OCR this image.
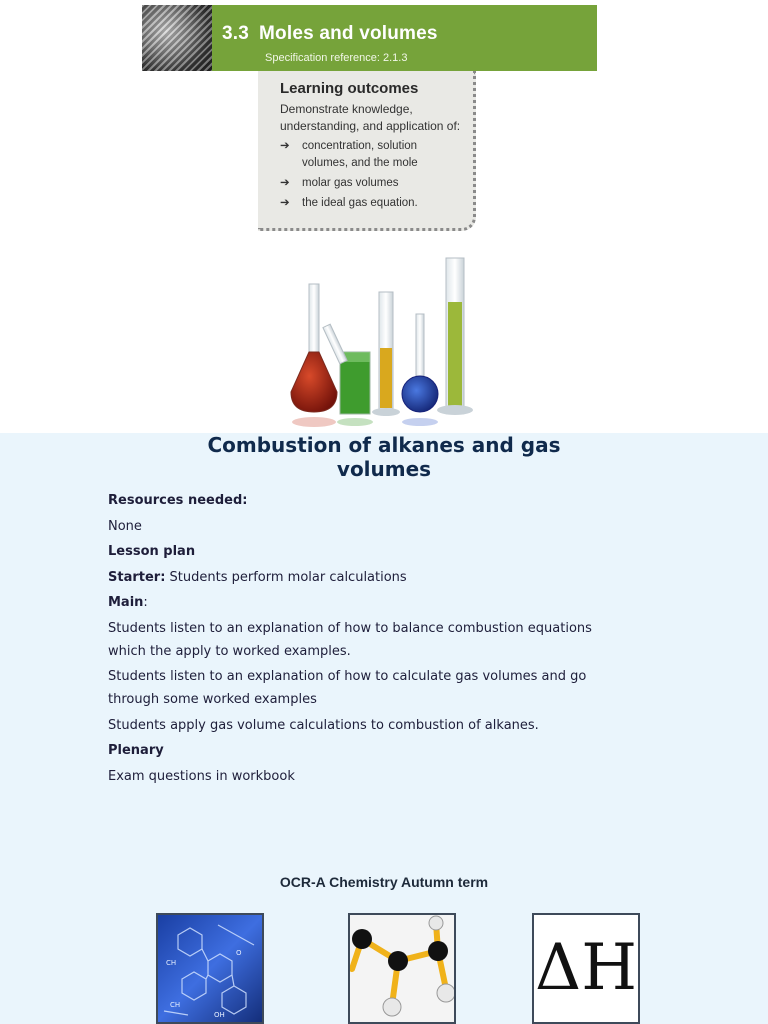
3.3 Moles and volumes
Specification reference: 2.1.3
Learning outcomes
Demonstrate knowledge, understanding, and application of:
➔	concentration, solution volumes, and the mole
➔	molar gas volumes
➔	the ideal gas equation.
Combustion of alkanes and gas volumes
Resources needed:
None
Lesson plan
Starter: Students perform molar calculations
Main:
Students listen to an explanation of how to balance combustion equations which the apply to worked examples.
Students listen to an explanation of how to calculate gas volumes and go through some worked examples
Students apply gas volume calculations to combustion of alkanes.
Plenary
Exam questions in workbook
OCR-A Chemistry Autumn term
CH
O
CH
OH
ΔH
